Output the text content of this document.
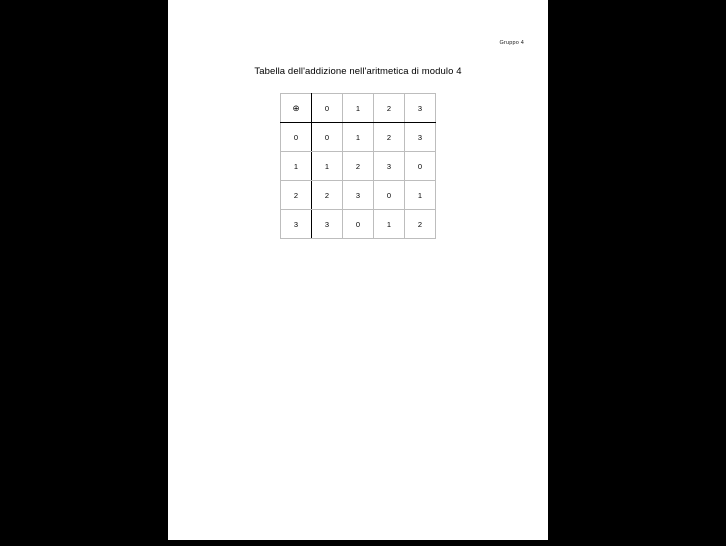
Gruppo 4
Tabella dell'addizione nell'aritmetica di modulo 4
⊕	0	1	2	3
0	0	1	2	3
1	1	2	3	0
2	2	3	0	1
3	3	0	1	2
